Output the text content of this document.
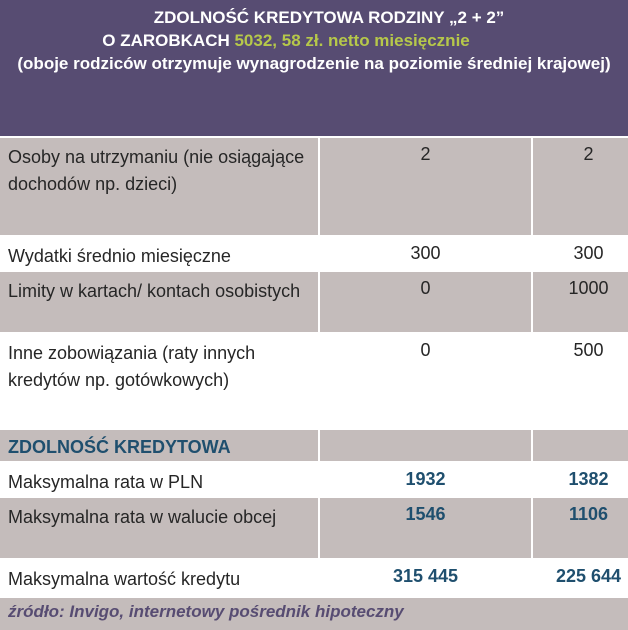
ZDOLNOŚĆ KREDYTOWA RODZINY „2 + 2”
O ZAROBKACH 5032, 58 zł. netto miesięcznie
(oboje rodziców otrzymuje wynagrodzenie na poziomie średniej krajowej)
Osoby na utrzymaniu (nie osiągające dochodów np. dzieci)	2	2
Wydatki średnio miesięczne	300	300
Limity w kartach/ kontach osobistych	0	1000
Inne zobowiązania (raty innych kredytów np. gotówkowych)	0	500
ZDOLNOŚĆ KREDYTOWA		
Maksymalna rata w PLN	1932	1382
Maksymalna rata w walucie obcej	1546	1106
Maksymalna wartość kredytu	315 445	225 644
źródło: Invigo, internetowy pośrednik hipoteczny
